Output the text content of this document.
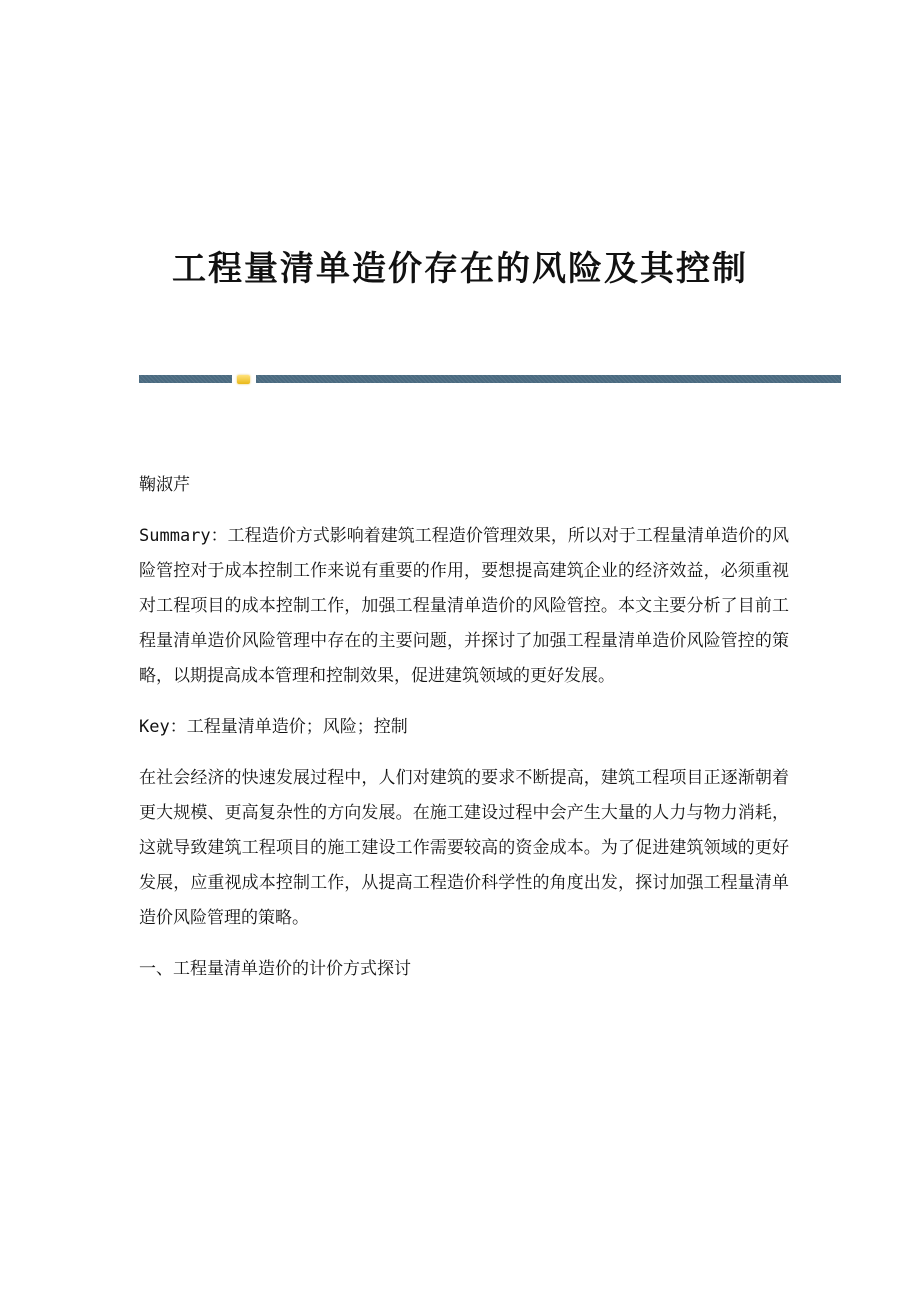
工程量清单造价存在的风险及其控制

鞠淑芹

Summary：工程造价方式影响着建筑工程造价管理效果，所以对于工程量清单造价的风险管控对于成本控制工作来说有重要的作用，要想提高建筑企业的经济效益，必须重视对工程项目的成本控制工作，加强工程量清单造价的风险管控。本文主要分析了目前工程量清单造价风险管理中存在的主要问题，并探讨了加强工程量清单造价风险管控的策略，以期提高成本管理和控制效果，促进建筑领域的更好发展。

Key：工程量清单造价；风险；控制

在社会经济的快速发展过程中，人们对建筑的要求不断提高，建筑工程项目正逐渐朝着更大规模、更高复杂性的方向发展。在施工建设过程中会产生大量的人力与物力消耗，这就导致建筑工程项目的施工建设工作需要较高的资金成本。为了促进建筑领域的更好发展，应重视成本控制工作，从提高工程造价科学性的角度出发，探讨加强工程量清单造价风险管理的策略。

一、工程量清单造价的计价方式探讨
